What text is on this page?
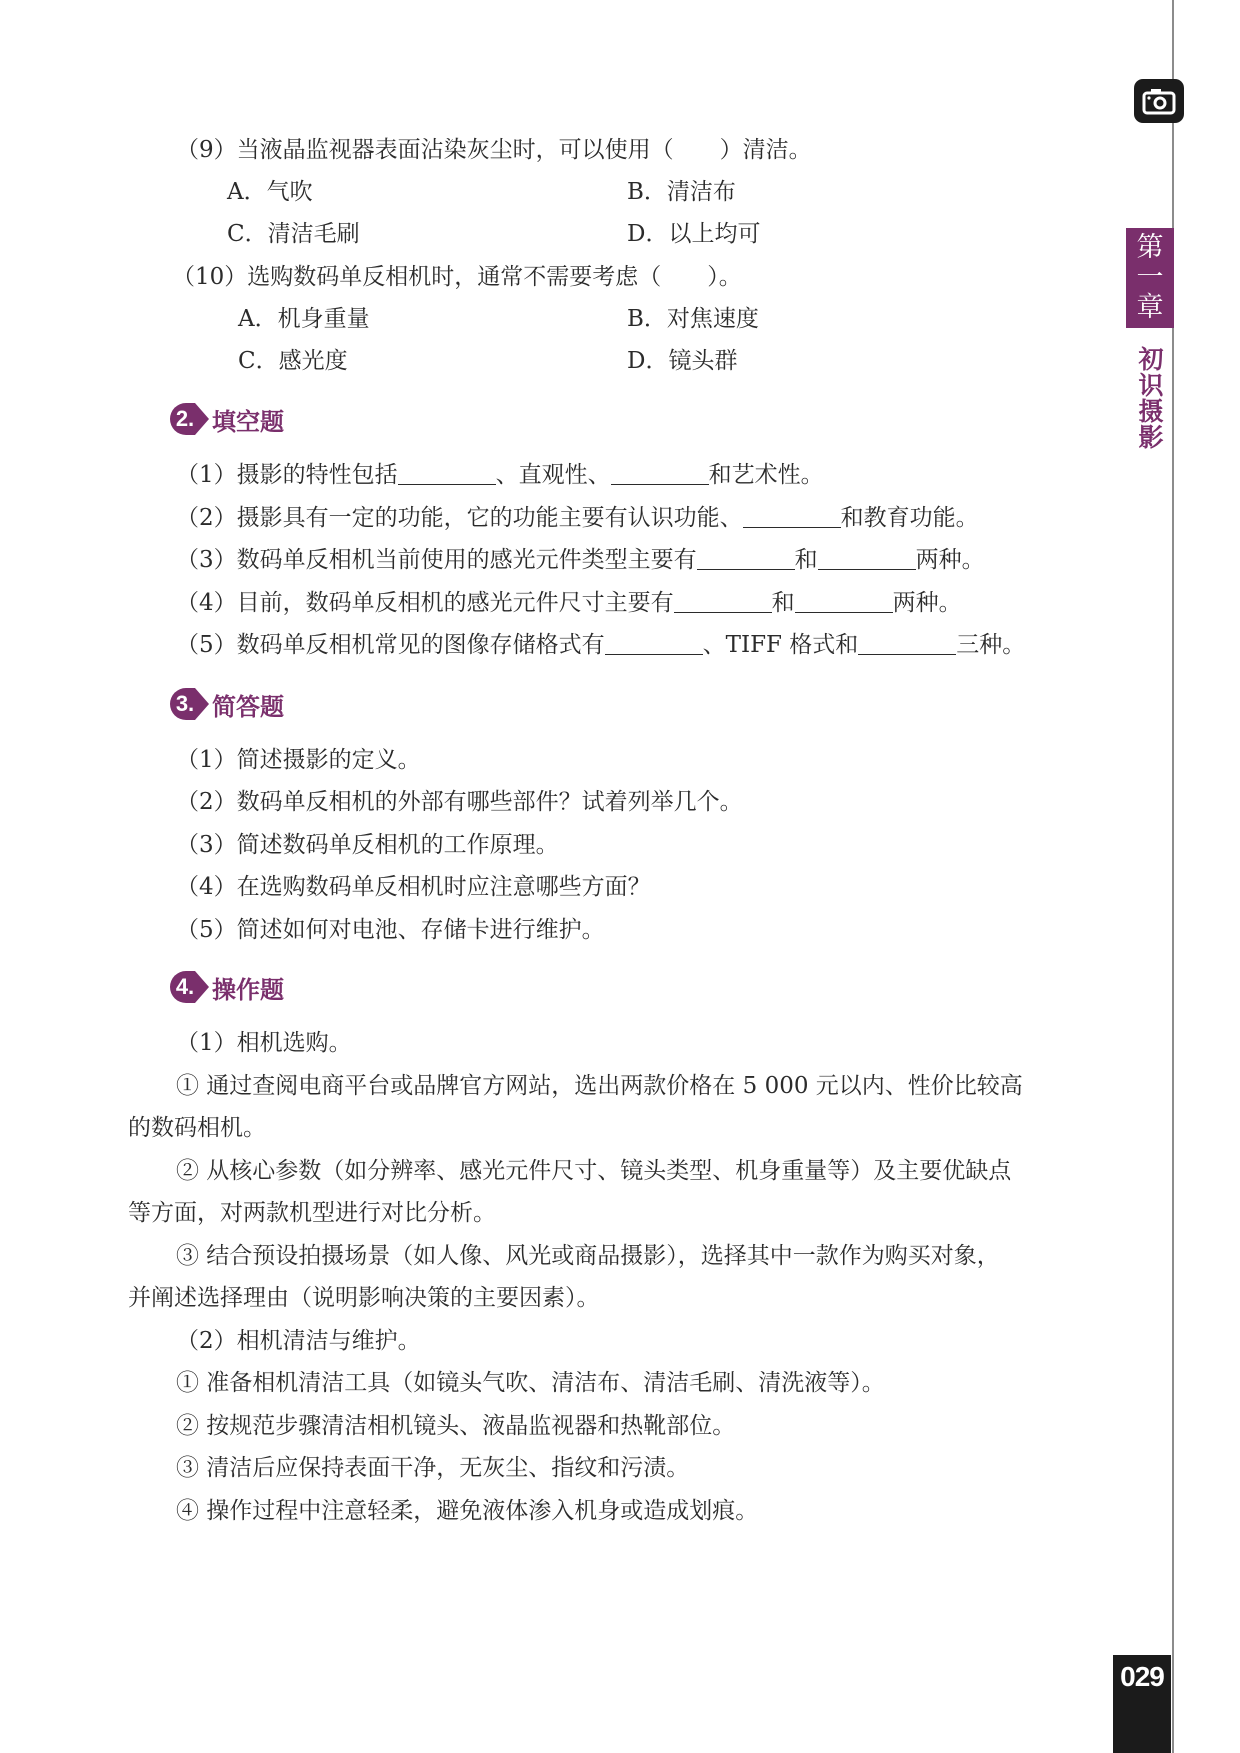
第
一
章
初
识
摄
影
029
（9）当液晶监视器表面沾染灰尘时，可以使用（　　）清洁。
A．气吹	B．清洁布
C．清洁毛刷	D．以上均可
（10）选购数码单反相机时，通常不需要考虑（　　）。
A．机身重量	B．对焦速度
C．感光度	D．镜头群
2. 填空题
（1）摄影的特性包括	、直观性、	和艺术性。
（2）摄影具有一定的功能，它的功能主要有认识功能、	和教育功能。
（3）数码单反相机当前使用的感光元件类型主要有	和	两种。
（4）目前，数码单反相机的感光元件尺寸主要有	和	两种。
（5）数码单反相机常见的图像存储格式有	、TIFF 格式和	三种。
3. 简答题
（1）简述摄影的定义。
（2）数码单反相机的外部有哪些部件？试着列举几个。
（3）简述数码单反相机的工作原理。
（4）在选购数码单反相机时应注意哪些方面？
（5）简述如何对电池、存储卡进行维护。
4. 操作题
（1）相机选购。
① 通过查阅电商平台或品牌官方网站，选出两款价格在 5 000 元以内、性价比较高
的数码相机。
② 从核心参数（如分辨率、感光元件尺寸、镜头类型、机身重量等）及主要优缺点
等方面，对两款机型进行对比分析。
③ 结合预设拍摄场景（如人像、风光或商品摄影），选择其中一款作为购买对象，
并阐述选择理由（说明影响决策的主要因素）。
（2）相机清洁与维护。
① 准备相机清洁工具（如镜头气吹、清洁布、清洁毛刷、清洗液等）。
② 按规范步骤清洁相机镜头、液晶监视器和热靴部位。
③ 清洁后应保持表面干净，无灰尘、指纹和污渍。
④ 操作过程中注意轻柔，避免液体渗入机身或造成划痕。
